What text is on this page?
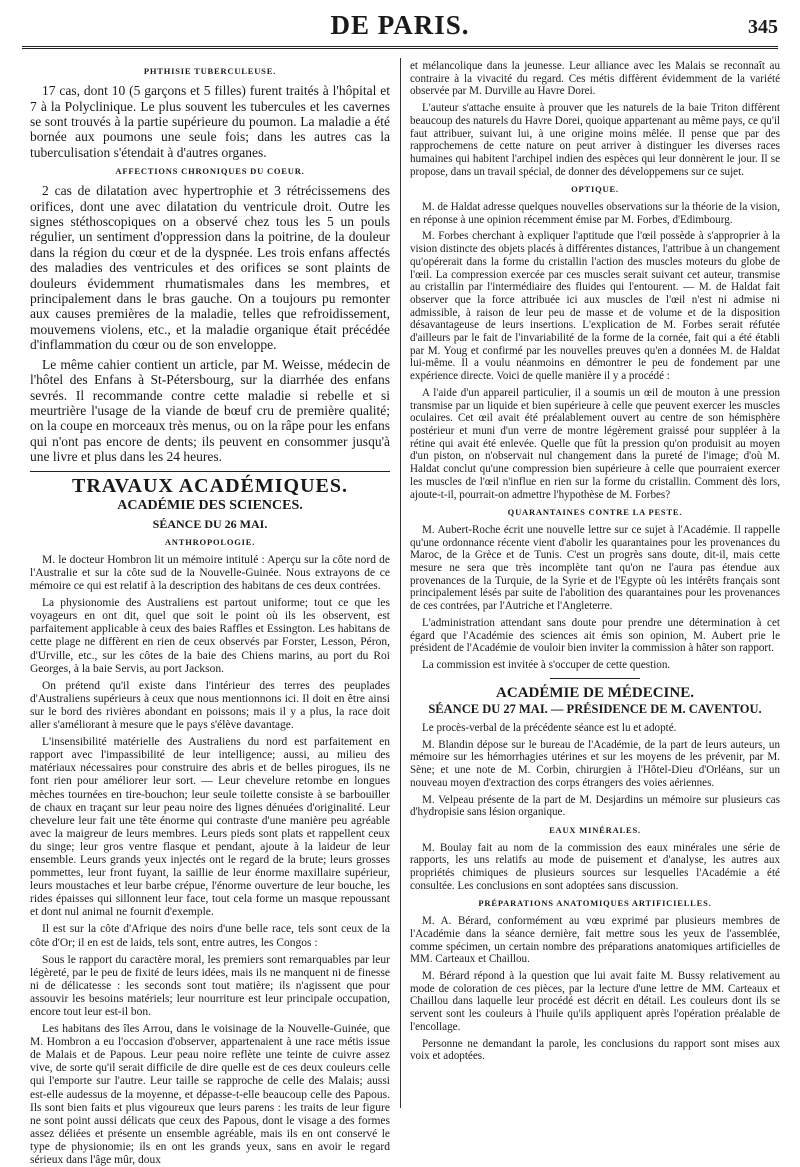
DE PARIS.	345
PHTHISIE TUBERCULEUSE.

17 cas, dont 10 (5 garçons et 5 filles) furent traités à l'hôpital et 7 à la Polyclinique. Le plus souvent les tubercules et les cavernes se sont trouvés à la partie supérieure du poumon. La maladie a été bornée aux poumons une seule fois; dans les autres cas la tuberculisation s'étendait à d'autres organes.

AFFECTIONS CHRONIQUES DU COEUR.

2 cas de dilatation avec hypertrophie et 3 rétrécissemens des orifices, dont une avec dilatation du ventricule droit. Outre les signes stéthoscopiques on a observé chez tous les 5 un pouls régulier, un sentiment d'oppression dans la poitrine, de la douleur dans la région du cœur et de la dyspnée. Les trois enfans affectés des maladies des ventricules et des orifices se sont plaints de douleurs évidemment rhumatismales dans les membres, et principalement dans le bras gauche. On a toujours pu remonter aux causes premières de la maladie, telles que refroidissement, mouvemens violens, etc., et la maladie organique était précédée d'inflammation du cœur ou de son enveloppe.

Le même cahier contient un article, par M. Weisse, médecin de l'hôtel des Enfans à St-Pétersbourg, sur la diarrhée des enfans sevrés. Il recommande contre cette maladie si rebelle et si meurtrière l'usage de la viande de bœuf cru de première qualité; on la coupe en morceaux très menus, ou on la râpe pour les enfans qui n'ont pas encore de dents; ils peuvent en consommer jusqu'à une livre et plus dans les 24 heures.

TRAVAUX ACADÉMIQUES.
ACADÉMIE DES SCIENCES.
SÉANCE DU 26 MAI.
ANTHROPOLOGIE.

M. le docteur Hombron lit un mémoire intitulé : Aperçu sur la côte nord de l'Australie et sur la côte sud de la Nouvelle-Guinée. Nous extrayons de ce mémoire ce qui est relatif à la description des habitans de ces deux contrées.

La physionomie des Australiens est partout uniforme; tout ce que les voyageurs en ont dit, quel que soit le point où ils les observent, est parfaitement applicable à ceux des baies Raffles et Essington. Les habitans de cette plage ne diffèrent en rien de ceux observés par Forster, Lesson, Péron, d'Urville, etc., sur les côtes de la baie des Chiens marins, au port du Roi Georges, à la baie Servis, au port Jackson.

On prétend qu'il existe dans l'intérieur des terres des peuplades d'Australiens supérieurs à ceux que nous mentionnons ici. Il doit en être ainsi sur le bord des rivières abondant en poissons; mais il y a plus, la race doit aller s'améliorant à mesure que le pays s'élève davantage.

L'insensibilité matérielle des Australiens du nord est parfaitement en rapport avec l'impassibilité de leur intelligence; aussi, au milieu des matériaux nécessaires pour construire des abris et de belles pirogues, ils ne font rien pour améliorer leur sort. — Leur chevelure retombe en longues mèches tournées en tire-bouchon; leur seule toilette consiste à se barbouiller de chaux en traçant sur leur peau noire des lignes dénuées d'originalité. Leur chevelure leur fait une tête énorme qui contraste d'une manière peu agréable avec la maigreur de leurs membres. Leurs pieds sont plats et rappellent ceux du singe; leur gros ventre flasque et pendant, ajoute à la laideur de leur ensemble. Leurs grands yeux injectés ont le regard de la brute; leurs grosses pommettes, leur front fuyant, la saillie de leur énorme maxillaire supérieur, leurs moustaches et leur barbe crépue, l'énorme ouverture de leur bouche, les rides épaisses qui sillonnent leur face, tout cela forme un masque repoussant et dont nul animal ne fournit d'exemple.

Il est sur la côte d'Afrique des noirs d'une belle race, tels sont ceux de la côte d'Or; il en est de laids, tels sont, entre autres, les Congos :

Sous le rapport du caractère moral, les premiers sont remarquables par leur légèreté, par le peu de fixité de leurs idées, mais ils ne manquent ni de finesse ni de délicatesse : les seconds sont tout matière; ils n'agissent que pour assouvir les besoins matériels; leur nourriture est leur principale occupation, encore tout leur est-il bon.

Les habitans des îles Arrou, dans le voisinage de la Nouvelle-Guinée, que M. Hombron a eu l'occasion d'observer, appartenaient à une race métis issue de Malais et de Papous. Leur peau noire reflète une teinte de cuivre assez vive, de sorte qu'il serait difficile de dire quelle est de ces deux couleurs celle qui l'emporte sur l'autre. Leur taille se rapproche de celle des Malais; aussi est-elle audessus de la moyenne, et dépasse-t-elle beaucoup celle des Papous. Ils sont bien faits et plus vigoureux que leurs parens : les traits de leur figure ne sont point aussi délicats que ceux des Papous, dont le visage a des formes assez déliées et présente un ensemble agréable, mais ils en ont conservé le type de physionomie; ils en ont les grands yeux, sans en avoir le regard sérieux dans l'âge mûr, doux

et mélancolique dans la jeunesse. Leur alliance avec les Malais se reconnaît au contraire à la vivacité du regard. Ces métis diffèrent évidemment de la variété observée par M. Durville au Havre Dorei.

L'auteur s'attache ensuite à prouver que les naturels de la baie Triton diffèrent beaucoup des naturels du Havre Dorei, quoique appartenant au même pays, ce qu'il faut attribuer, suivant lui, à une origine moins mêlée. Il pense que par des rapprochemens de cette nature on peut arriver à distinguer les diverses races humaines qui habitent l'archipel indien des espèces qui leur donnèrent le jour. Il se propose, dans un travail spécial, de donner des développemens sur ce sujet.

OPTIQUE.

M. de Haldat adresse quelques nouvelles observations sur la théorie de la vision, en réponse à une opinion récemment émise par M. Forbes, d'Edimbourg.

M. Forbes cherchant à expliquer l'aptitude que l'œil possède à s'approprier à la vision distincte des objets placés à différentes distances, l'attribue à un changement qu'opérerait dans la forme du cristallin l'action des muscles moteurs du globe de l'œil. La compression exercée par ces muscles serait suivant cet auteur, transmise au cristallin par l'intermédiaire des fluides qui l'entourent. — M. de Haldat fait observer que la force attribuée ici aux muscles de l'œil n'est ni admise ni admissible, à raison de leur peu de masse et de volume et de la disposition désavantageuse de leurs insertions. L'explication de M. Forbes serait réfutée d'ailleurs par le fait de l'invariabilité de la forme de la cornée, fait qui a été établi par M. Youg et confirmé par les nouvelles preuves qu'en a données M. de Haldat lui-même. Il a voulu néanmoins en démontrer le peu de fondement par une expérience directe. Voici de quelle manière il y a procédé :

A l'aide d'un appareil particulier, il a soumis un œil de mouton à une pression transmise par un liquide et bien supérieure à celle que peuvent exercer les muscles oculaires. Cet œil avait été préalablement ouvert au centre de son hémisphère postérieur et muni d'un verre de montre légèrement graissé pour suppléer à la rétine qui avait été enlevée. Quelle que fût la pression qu'on produisit au moyen d'un piston, on n'observait nul changement dans la pureté de l'image; d'où M. Haldat conclut qu'une compression bien supérieure à celle que pourraient exercer les muscles de l'œil n'influe en rien sur la forme du cristallin. Comment dès lors, ajoute-t-il, pourrait-on admettre l'hypothèse de M. Forbes?

QUARANTAINES CONTRE LA PESTE.

M. Aubert-Roche écrit une nouvelle lettre sur ce sujet à l'Académie. Il rappelle qu'une ordonnance récente vient d'abolir les quarantaines pour les provenances du Maroc, de la Grèce et de Tunis. C'est un progrès sans doute, dit-il, mais cette mesure ne sera que très incomplète tant qu'on ne l'aura pas étendue aux provenances de la Turquie, de la Syrie et de l'Egypte où les intérêts français sont principalement lésés par suite de l'abolition des quarantaines pour les provenances de ces contrées, par l'Autriche et l'Angleterre.

L'administration attendant sans doute pour prendre une détermination à cet égard que l'Académie des sciences ait émis son opinion, M. Aubert prie le président de l'Académie de vouloir bien inviter la commission à hâter son rapport.

La commission est invitée à s'occuper de cette question.

ACADÉMIE DE MÉDECINE.
SÉANCE DU 27 MAI. — PRÉSIDENCE DE M. CAVENTOU.

Le procès-verbal de la précédente séance est lu et adopté.

M. Blandin dépose sur le bureau de l'Académie, de la part de leurs auteurs, un mémoire sur les hémorrhagies utérines et sur les moyens de les prévenir, par M. Sène; et une note de M. Corbin, chirurgien à l'Hôtel-Dieu d'Orléans, sur un nouveau moyen d'extraction des corps étrangers des voies aériennes.

M. Velpeau présente de la part de M. Desjardins un mémoire sur plusieurs cas d'hydropisie sans lésion organique.

EAUX MINÉRALES.

M. Boulay fait au nom de la commission des eaux minérales une série de rapports, les uns relatifs au mode de puisement et d'analyse, les autres aux propriétés chimiques de plusieurs sources sur lesquelles l'Académie a été consultée. Les conclusions en sont adoptées sans discussion.

PRÉPARATIONS ANATOMIQUES ARTIFICIELLES.

M. A. Bérard, conformément au vœu exprimé par plusieurs membres de l'Académie dans la séance dernière, fait mettre sous les yeux de l'assemblée, comme spécimen, un certain nombre des préparations anatomiques artificielles de MM. Carteaux et Chaillou.

M. Bérard répond à la question que lui avait faite M. Bussy relativement au mode de coloration de ces pièces, par la lecture d'une lettre de MM. Carteaux et Chaillou dans laquelle leur procédé est décrit en détail. Les couleurs dont ils se servent sont les couleurs à l'huile qu'ils appliquent après l'opération préalable de l'encollage.

Personne ne demandant la parole, les conclusions du rapport sont mises aux voix et adoptées.
